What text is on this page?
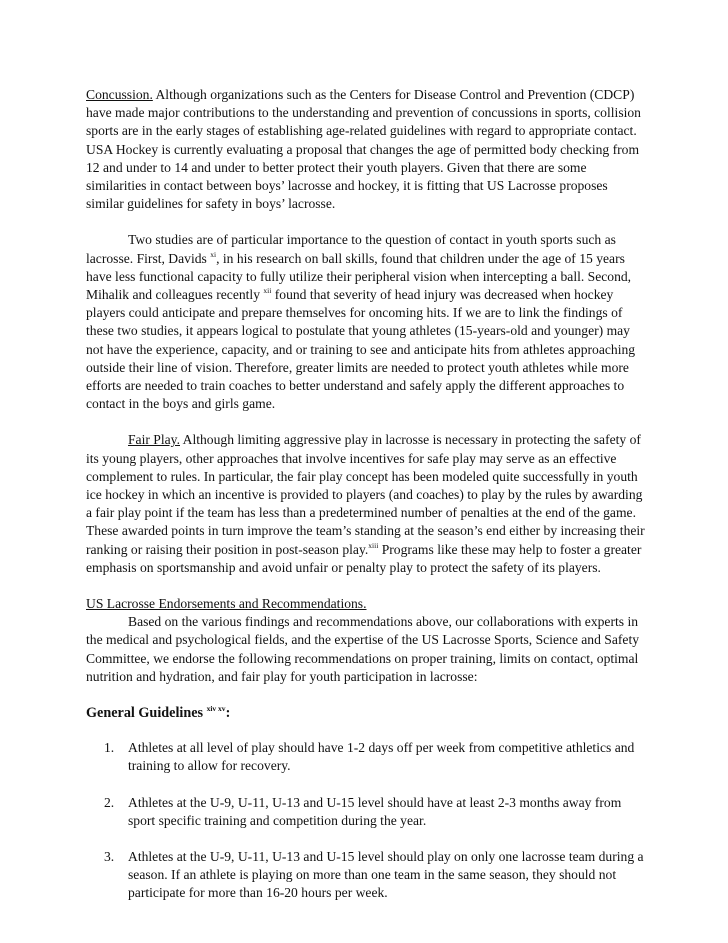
Concussion. Although organizations such as the Centers for Disease Control and Prevention (CDCP) have made major contributions to the understanding and prevention of concussions in sports, collision sports are in the early stages of establishing age-related guidelines with regard to appropriate contact. USA Hockey is currently evaluating a proposal that changes the age of permitted body checking from 12 and under to 14 and under to better protect their youth players. Given that there are some similarities in contact between boys’ lacrosse and hockey, it is fitting that US Lacrosse proposes similar guidelines for safety in boys’ lacrosse.

Two studies are of particular importance to the question of contact in youth sports such as lacrosse. First, Davids $^{xi}$, in his research on ball skills, found that children under the age of 15 years have less functional capacity to fully utilize their peripheral vision when intercepting a ball. Second, Mihalik and colleagues recently $^{xii}$ found that severity of head injury was decreased when hockey players could anticipate and prepare themselves for oncoming hits. If we are to link the findings of these two studies, it appears logical to postulate that young athletes (15-years-old and younger) may not have the experience, capacity, and or training to see and anticipate hits from athletes approaching outside their line of vision. Therefore, greater limits are needed to protect youth athletes while more efforts are needed to train coaches to better understand and safely apply the different approaches to contact in the boys and girls game.

Fair Play. Although limiting aggressive play in lacrosse is necessary in protecting the safety of its young players, other approaches that involve incentives for safe play may serve as an effective complement to rules. In particular, the fair play concept has been modeled quite successfully in youth ice hockey in which an incentive is provided to players (and coaches) to play by the rules by awarding a fair play point if the team has less than a predetermined number of penalties at the end of the game. These awarded points in turn improve the team’s standing at the season’s end either by increasing their ranking or raising their position in post-season play.$^{xiii}$ Programs like these may help to foster a greater emphasis on sportsmanship and avoid unfair or penalty play to protect the safety of its players.

US Lacrosse Endorsements and Recommendations.

Based on the various findings and recommendations above, our collaborations with experts in the medical and psychological fields, and the expertise of the US Lacrosse Sports, Science and Safety Committee, we endorse the following recommendations on proper training, limits on contact, optimal nutrition and hydration, and fair play for youth participation in lacrosse:

General Guidelines $^{xiv xv}$:
1. Athletes at all level of play should have 1-2 days off per week from competitive athletics and training to allow for recovery.
2. Athletes at the U-9, U-11, U-13 and U-15 level should have at least 2-3 months away from sport specific training and competition during the year.
3. Athletes at the U-9, U-11, U-13 and U-15 level should play on only one lacrosse team during a season. If an athlete is playing on more than one team in the same season, they should not participate for more than 16-20 hours per week.
